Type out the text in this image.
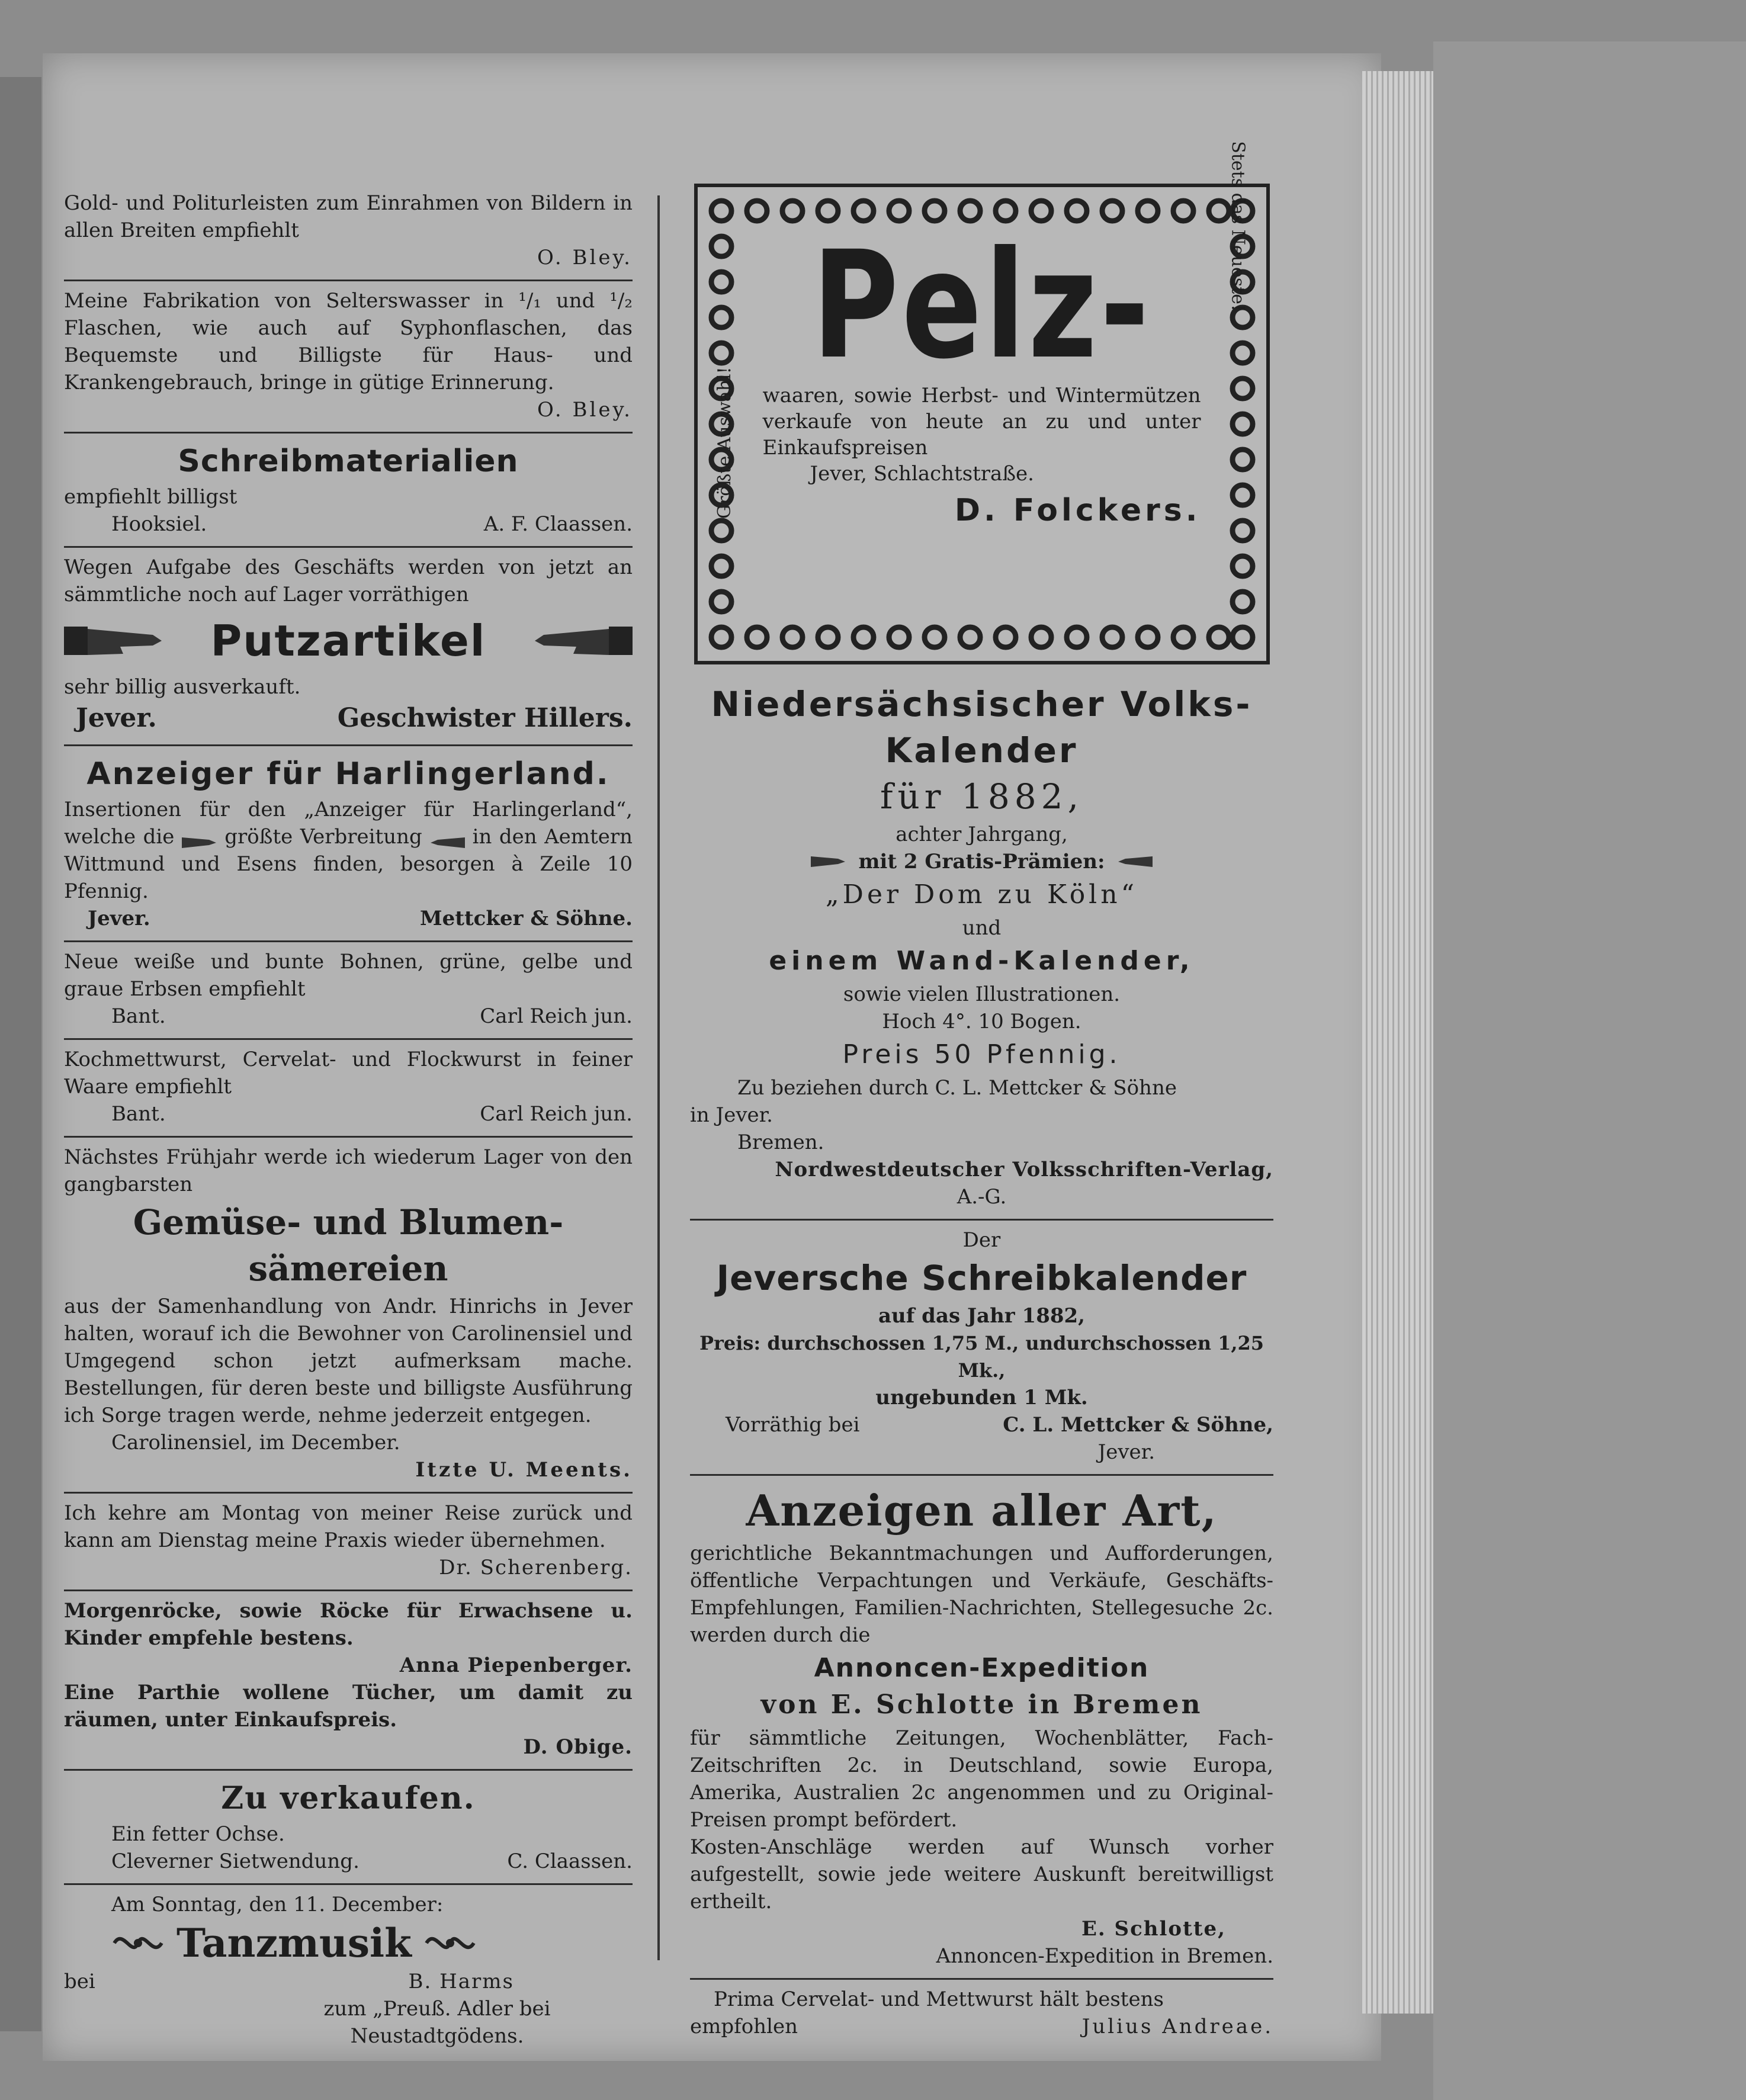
Gold- und Politurleisten zum Einrahmen von Bildern in allen Breiten empfiehlt

O. Bley.

Meine Fabrikation von Selterswasser in ¹/₁ und ¹/₂ Flaschen, wie auch auf Syphonflaschen, das Bequemste und Billigste für Haus- und Krankengebrauch, bringe in gütige Erinnerung.

O. Bley.

Schreibmaterialien

empfiehlt billigst

Hooksiel.	A. F. Claassen.

Wegen Aufgabe des Geschäfts werden von jetzt an sämmtliche noch auf Lager vorräthigen

Putzartikel

sehr billig ausverkauft.

Jever.	Geschwister Hillers.
Anzeiger für Harlingerland.

Insertionen für den „Anzeiger für Harlingerland“, welche die größte Verbreitung in den Aemtern Wittmund und Esens finden, besorgen à Zeile 10 Pfennig.

Jever.	Mettcker & Söhne.

Neue weiße und bunte Bohnen, grüne, gelbe und graue Erbsen empfiehlt

Bant.	Carl Reich jun.

Kochmettwurst, Cervelat- und Flockwurst in feiner Waare empfiehlt

Bant.	Carl Reich jun.

Nächstes Frühjahr werde ich wiederum Lager von den gangbarsten

Gemüse- und Blumen-
sämereien

aus der Samenhandlung von Andr. Hinrichs in Jever halten, worauf ich die Bewohner von Carolinensiel und Umgegend schon jetzt aufmerksam mache. Bestellungen, für deren beste und billigste Ausführung ich Sorge tragen werde, nehme jederzeit entgegen.

Carolinensiel, im December.

Itzte U. Meents.

Ich kehre am Montag von meiner Reise zurück und kann am Dienstag meine Praxis wieder übernehmen.

Dr. Scherenberg.

Morgenröcke, sowie Röcke für Erwachsene u. Kinder empfehle bestens.

Anna Piepenberger.

Eine Parthie wollene Tücher, um damit zu räumen, unter Einkaufspreis.

D. Obige.

Zu verkaufen.

Ein fetter Ochse.

Cleverner Sietwendung.	C. Claassen.

Am Sonntag, den 11. December:

Tanzmusik
bei	B. Harms

zum „Preuß. Adler bei

Neustadtgödens.

Größte Auswahl!
Stets das Neueste!

Pelz-

waaren, sowie Herbst- und Wintermützen verkaufe von heute an zu und unter Einkaufspreisen

Jever, Schlachtstraße.

D. Folckers.

Niedersächsischer Volks-
Kalender
für 1882,

achter Jahrgang,

mit 2 Gratis-Prämien:
„Der Dom zu Köln“

und

einem Wand-Kalender,

sowie vielen Illustrationen.

Hoch 4°. 10 Bogen.

Preis 50 Pfennig.

Zu beziehen durch C. L. Mettcker & Söhne

in Jever.

Bremen.

Nordwestdeutscher Volksschriften-Verlag,

A.-G.

Der

Jeversche Schreibkalender

auf das Jahr 1882,

Preis: durchschossen 1,75 M., undurchschossen 1,25 Mk.,

ungebunden 1 Mk.

Vorräthig bei	C. L. Mettcker & Söhne,

Jever.

Anzeigen aller Art,

gerichtliche Bekanntmachungen und Aufforderungen, öffentliche Verpachtungen und Verkäufe, Geschäfts-Empfehlungen, Familien-Nachrichten, Stellegesuche 2c. werden durch die

Annoncen-Expedition
von E. Schlotte in Bremen

für sämmtliche Zeitungen, Wochenblätter, Fach-Zeitschriften 2c. in Deutschland, sowie Europa, Amerika, Australien 2c angenommen und zu Original-Preisen prompt befördert.

Kosten-Anschläge werden auf Wunsch vorher aufgestellt, sowie jede weitere Auskunft bereitwilligst ertheilt.

E. Schlotte,

Annoncen-Expedition in Bremen.

Prima Cervelat- und Mettwurst hält bestens

empfohlen	Julius Andreae.
